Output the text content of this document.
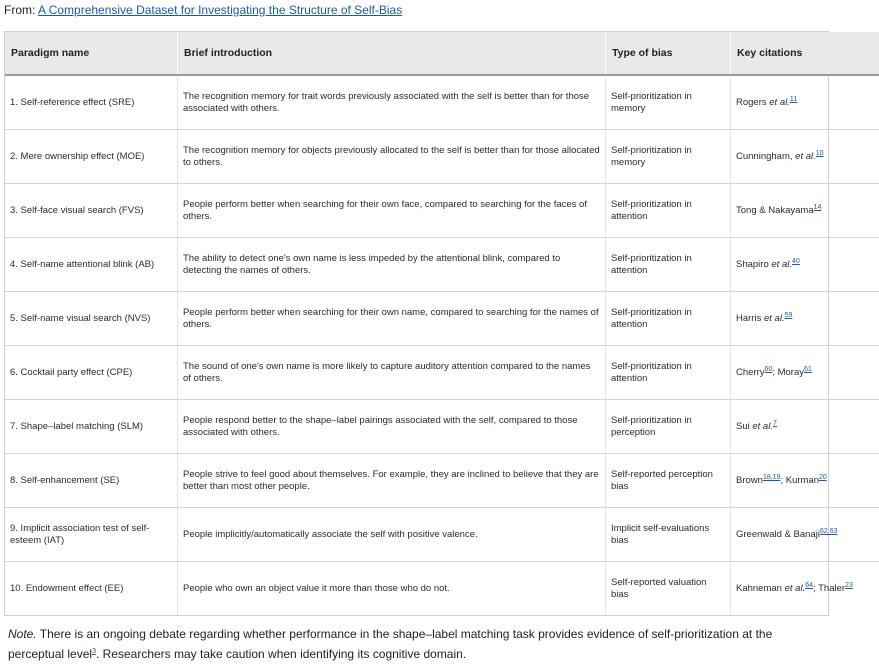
From: A Comprehensive Dataset for Investigating the Structure of Self-Bias
Paradigm name	Brief introduction	Type of bias	Key citations
1. Self-reference effect (SRE)	The recognition memory for trait words previously associated with the self is better than for those associated with others.	Self-prioritization in memory	Rogers et al.$^{11}$
2. Mere ownership effect (MOE)	The recognition memory for objects previously allocated to the self is better than for those allocated to others.	Self-prioritization in memory	Cunningham, et al.$^{10}$
3. Self-face visual search (FVS)	People perform better when searching for their own face, compared to searching for the faces of others.	Self-prioritization in attention	Tong & Nakayama$^{14}$
4. Self-name attentional blink (AB)	The ability to detect one's own name is less impeded by the attentional blink, compared to detecting the names of others.	Self-prioritization in attention	Shapiro et al.$^{40}$
5. Self-name visual search (NVS)	People perform better when searching for their own name, compared to searching for the names of others.	Self-prioritization in attention	Harris et al.$^{59}$
6. Cocktail party effect (CPE)	The sound of one's own name is more likely to capture auditory attention compared to the names of others.	Self-prioritization in attention	Cherry$^{60}$; Moray$^{61}$
7. Shape–label matching (SLM)	People respond better to the shape–label pairings associated with the self, compared to those associated with others.	Self-prioritization in perception	Sui et al.$^7$
8. Self-enhancement (SE)	People strive to feel good about themselves. For example, they are inclined to believe that they are better than most other people.	Self-reported perception bias	Brown$^{18,19}$; Kurman$^{20}$
9. Implicit association test of self-esteem (IAT)	People implicitly/automatically associate the self with positive valence.	Implicit self-evaluations bias	Greenwald & Banaji$^{62,63}$
10. Endowment effect (EE)	People who own an object value it more than those who do not.	Self-reported valuation bias	Kahneman et al.$^{64}$; Thaler$^{23}$
Note. There is an ongoing debate regarding whether performance in the shape–label matching task provides evidence of self-prioritization at the perceptual level$^3$. Researchers may take caution when identifying its cognitive domain.
